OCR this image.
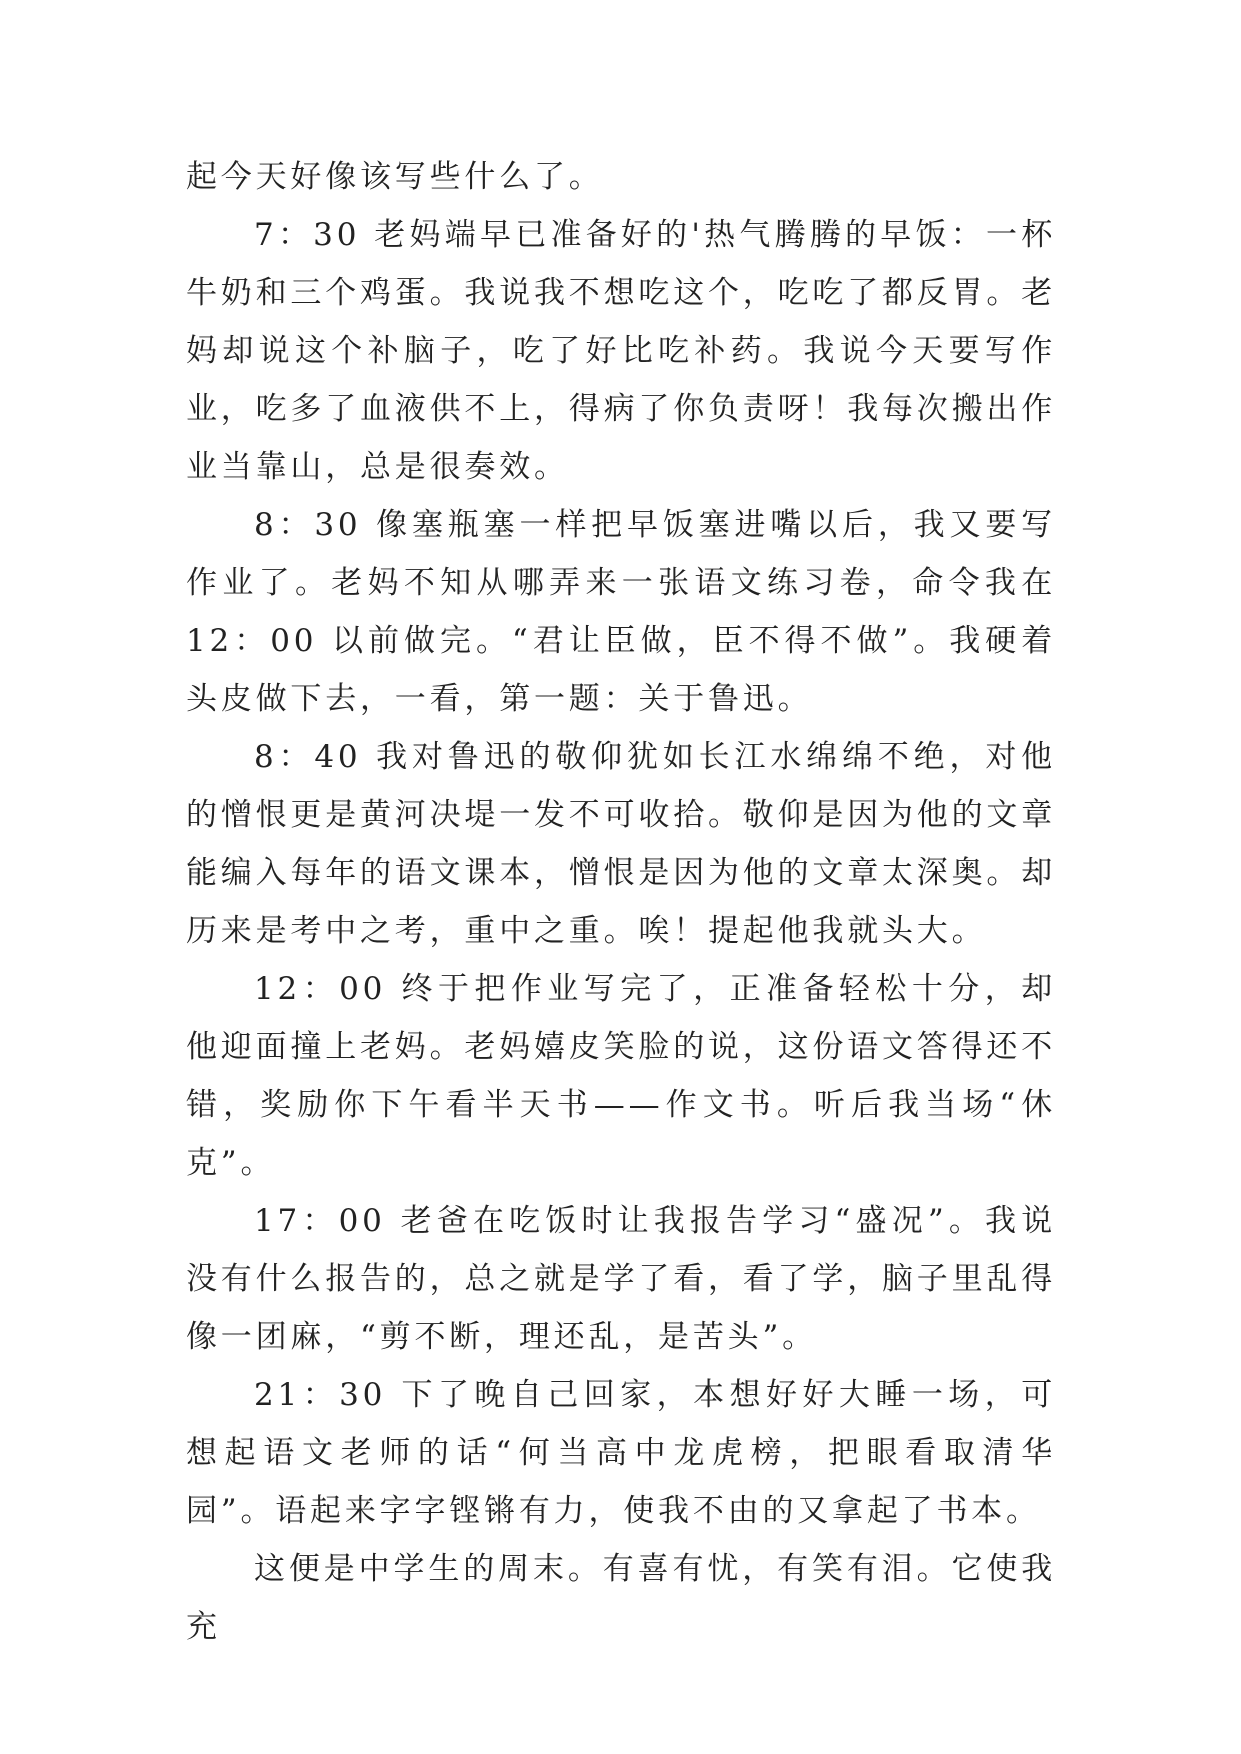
起今天好像该写些什么了。

7：30 老妈端早已准备好的'热气腾腾的早饭：一杯牛奶和三个鸡蛋。我说我不想吃这个，吃吃了都反胃。老妈却说这个补脑子，吃了好比吃补药。我说今天要写作业，吃多了血液供不上，得病了你负责呀！我每次搬出作业当靠山，总是很奏效。

8：30 像塞瓶塞一样把早饭塞进嘴以后，我又要写作业了。老妈不知从哪弄来一张语文练习卷，命令我在 12：00 以前做完。“君让臣做，臣不得不做”。我硬着头皮做下去，一看，第一题：关于鲁迅。

8：40 我对鲁迅的敬仰犹如长江水绵绵不绝，对他的憎恨更是黄河决堤一发不可收拾。敬仰是因为他的文章能编入每年的语文课本，憎恨是因为他的文章太深奥。却历来是考中之考，重中之重。唉！提起他我就头大。

12：00 终于把作业写完了，正准备轻松十分，却他迎面撞上老妈。老妈嬉皮笑脸的说，这份语文答得还不错，奖励你下午看半天书——作文书。听后我当场“休克”。

17：00 老爸在吃饭时让我报告学习“盛况”。我说没有什么报告的，总之就是学了看，看了学，脑子里乱得像一团麻，“剪不断，理还乱，是苦头”。

21：30 下了晚自己回家，本想好好大睡一场，可想起语文老师的话“何当高中龙虎榜，把眼看取清华园”。语起来字字铿锵有力，使我不由的又拿起了书本。

这便是中学生的周末。有喜有忧，有笑有泪。它使我充
